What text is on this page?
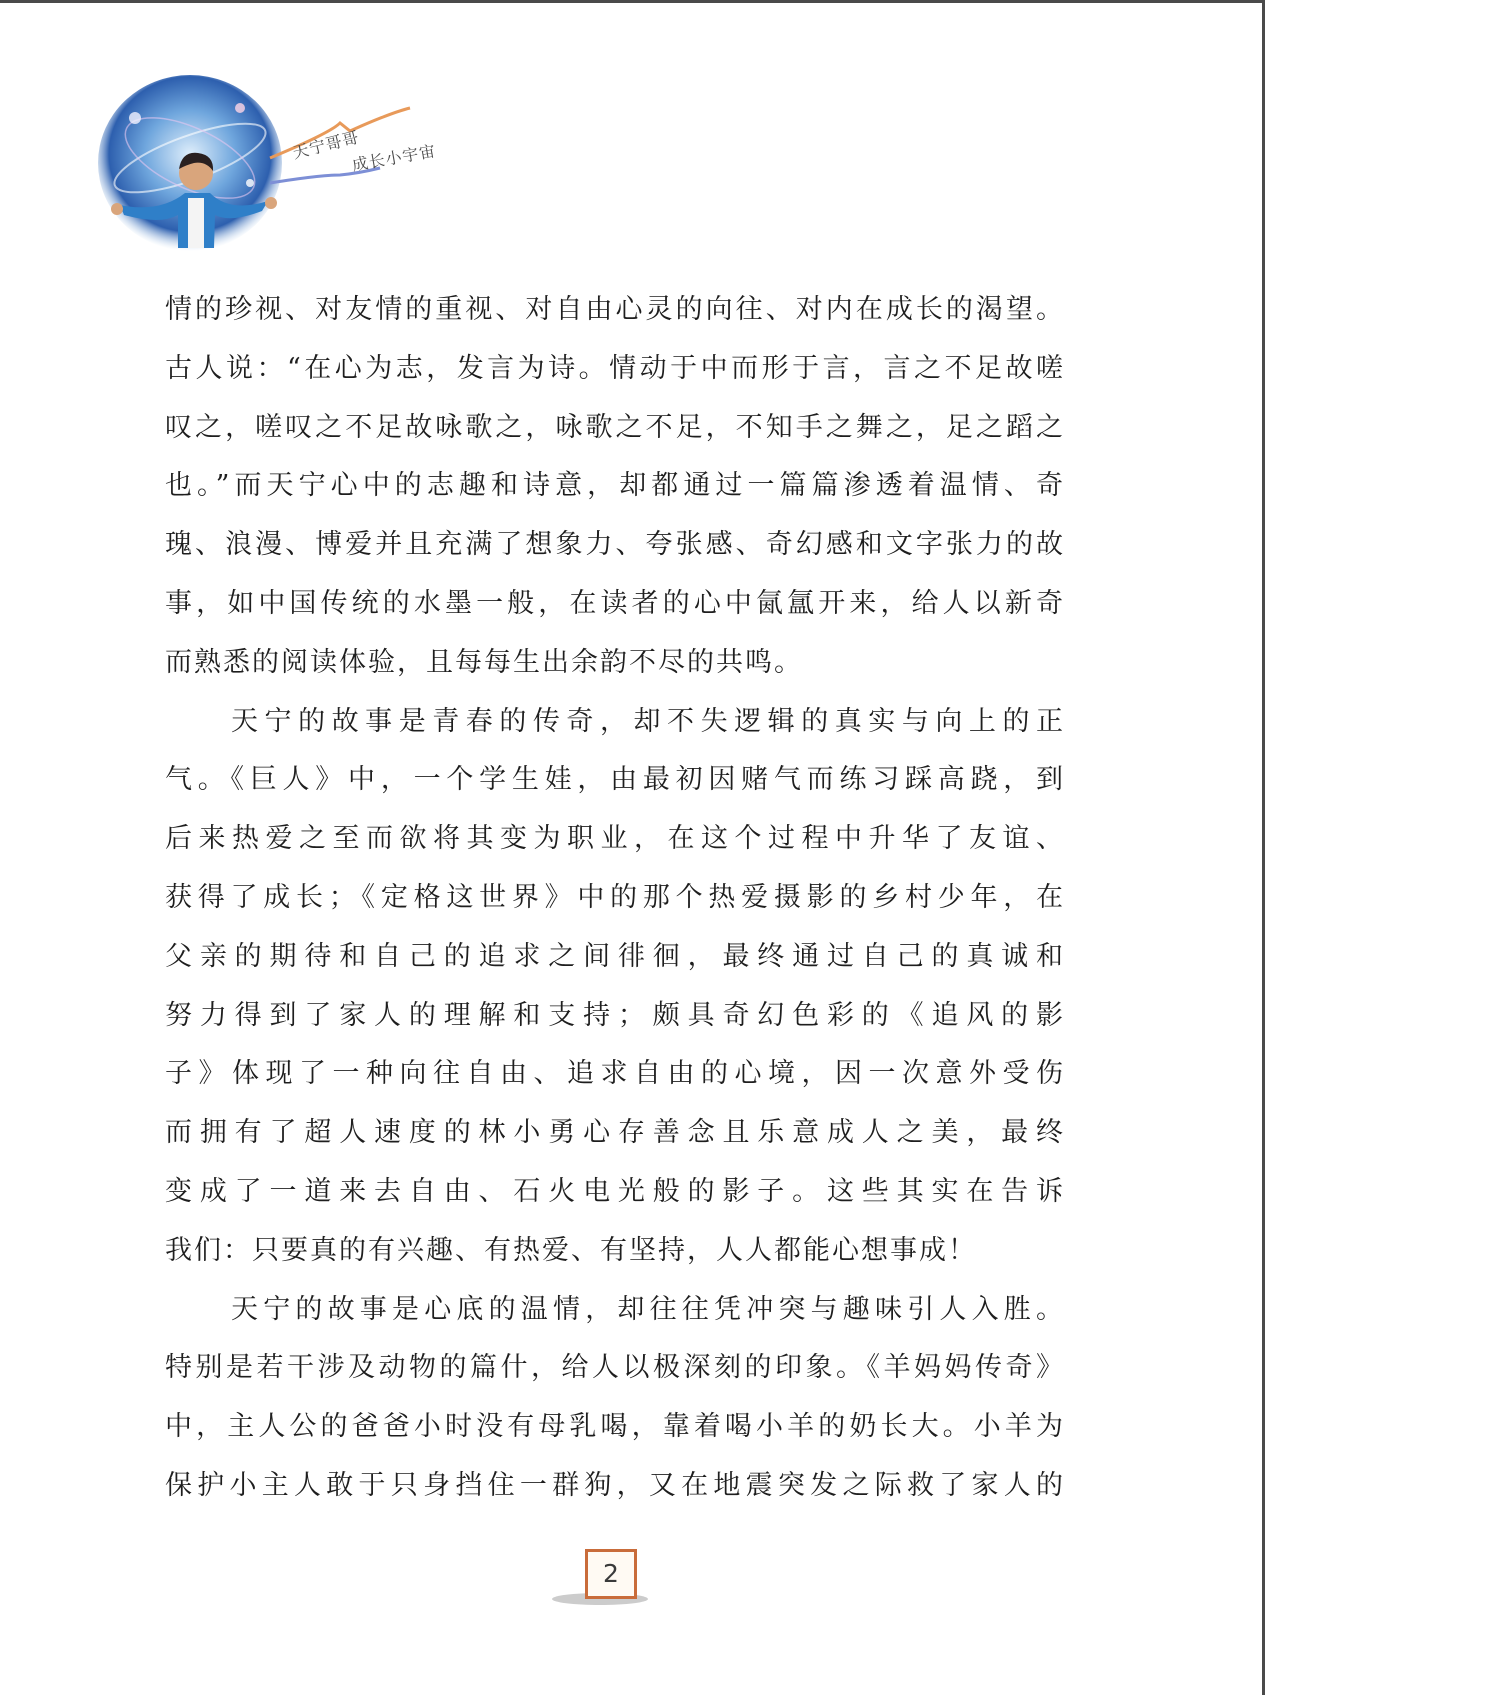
天宁哥哥
成长小宇宙
情的珍视、对友情的重视、对自由心灵的向往、对内在成长的渴望。
古人说：“在心为志，发言为诗。情动于中而形于言，言之不足故嗟
叹之，嗟叹之不足故咏歌之，咏歌之不足，不知手之舞之，足之蹈之
也。”而天宁心中的志趣和诗意，却都通过一篇篇渗透着温情、奇
瑰、浪漫、博爱并且充满了想象力、夸张感、奇幻感和文字张力的故
事，如中国传统的水墨一般，在读者的心中氤氲开来，给人以新奇
而熟悉的阅读体验，且每每生出余韵不尽的共鸣。
天宁的故事是青春的传奇，却不失逻辑的真实与向上的正
气。《巨人》中，一个学生娃，由最初因赌气而练习踩高跷，到
后来热爱之至而欲将其变为职业，在这个过程中升华了友谊、
获得了成长；《定格这世界》中的那个热爱摄影的乡村少年，在
父亲的期待和自己的追求之间徘徊，最终通过自己的真诚和
努力得到了家人的理解和支持；颇具奇幻色彩的《追风的影
子》体现了一种向往自由、追求自由的心境，因一次意外受伤
而拥有了超人速度的林小勇心存善念且乐意成人之美，最终
变成了一道来去自由、石火电光般的影子。这些其实在告诉
我们：只要真的有兴趣、有热爱、有坚持，人人都能心想事成！
天宁的故事是心底的温情，却往往凭冲突与趣味引人入胜。
特别是若干涉及动物的篇什，给人以极深刻的印象。《羊妈妈传奇》
中，主人公的爸爸小时没有母乳喝，靠着喝小羊的奶长大。小羊为
保护小主人敢于只身挡住一群狗，又在地震突发之际救了家人的
2
